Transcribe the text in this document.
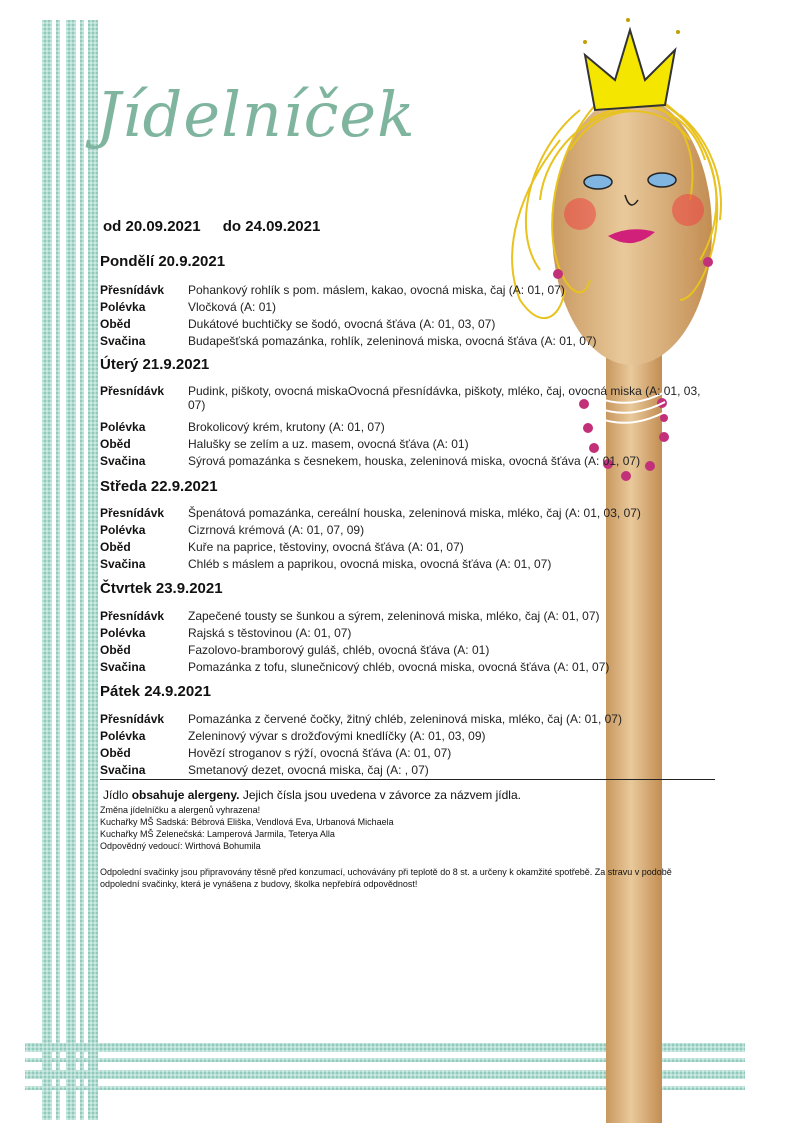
Jídelníček
od 20.09.2021 do 24.09.2021
Pondělí 20.9.2021
Přesnídávk	Pohankový rohlík s pom. máslem, kakao, ovocná miska, čaj (A: 01, 07)
Polévka	Vločková (A: 01)
Oběd	Dukátové buchtičky se šodó, ovocná šťáva (A: 01, 03, 07)
Svačina	Budapešťská pomazánka, rohlík, zeleninová miska, ovocná šťáva (A: 01, 07)
Úterý 21.9.2021
Přesnídávk	Pudink, piškoty, ovocná miskaOvocná přesnídávka, piškoty, mléko, čaj, ovocná miska (A: 01, 03, 07)
Polévka	Brokolicový krém, krutony (A: 01, 07)
Oběd	Halušky se zelím a uz. masem, ovocná šťáva (A: 01)
Svačina	Sýrová pomazánka s česnekem, houska, zeleninová miska, ovocná šťáva (A: 01, 07)
Středa 22.9.2021
Přesnídávk	Špenátová pomazánka, cereální houska, zeleninová miska, mléko, čaj (A: 01, 03, 07)
Polévka	Cizrnová krémová (A: 01, 07, 09)
Oběd	Kuře na paprice, těstoviny, ovocná šťáva (A: 01, 07)
Svačina	Chléb s máslem a paprikou, ovocná miska, ovocná šťáva (A: 01, 07)
Čtvrtek 23.9.2021
Přesnídávk	Zapečené tousty se šunkou a sýrem, zeleninová miska, mléko, čaj (A: 01, 07)
Polévka	Rajská s těstovinou (A: 01, 07)
Oběd	Fazolovo-bramborový guláš, chléb, ovocná šťáva (A: 01)
Svačina	Pomazánka z tofu, slunečnicový chléb, ovocná miska, ovocná šťáva (A: 01, 07)
Pátek 24.9.2021
Přesnídávk	Pomazánka z červené čočky, žitný chléb, zeleninová miska, mléko, čaj (A: 01, 07)
Polévka	Zeleninový vývar s drožďovými knedlíčky (A: 01, 03, 09)
Oběd	Hovězí stroganov s rýží, ovocná šťáva (A: 01, 07)
Svačina	Smetanový dezet, ovocná miska, čaj (A: , 07)
Jídlo obsahuje alergeny. Jejich čísla jsou uvedena v závorce za názvem jídla.
Změna jídelníčku a alergenů vyhrazena!
Kuchařky MŠ Sadská: Bébrová Eliška, Vendlová Eva, Urbanová Michaela
Kuchařky MŠ Zelenečská: Lamperová Jarmila, Teterya Alla
Odpovědný vedoucí: Wirthová Bohumila
Odpolední svačinky jsou připravovány těsně před konzumací, uchovávány při teplotě do 8 st. a určeny k okamžité spotřebě. Za stravu v podobě
odpolední svačinky, která je vynášena z budovy, školka nepřebírá odpovědnost!
